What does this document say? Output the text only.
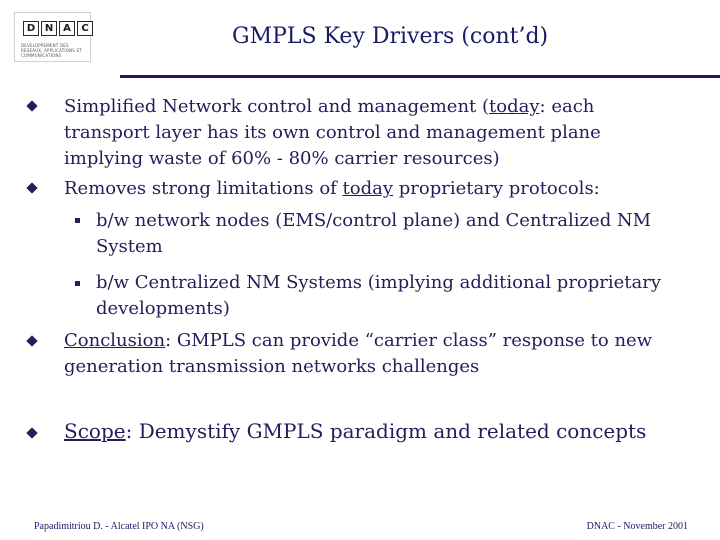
D N A	C
DEVELOPPEMENT DES RESEAUX, APPLICATIONS ET COMMUNICATIONS
GMPLS Key Drivers (cont’d)
Simplified Network control and management (today: each
transport layer has its own control and management plane
implying waste of 60% - 80% carrier resources)
Removes strong limitations of today proprietary protocols:
b/w network nodes (EMS/control plane) and Centralized NM
System
b/w Centralized NM Systems (implying additional proprietary
developments)
Conclusion: GMPLS can provide “carrier class” response to new
generation transmission networks challenges
Scope: Demystify GMPLS paradigm and related concepts
Papadimitriou D. - Alcatel IPO NA (NSG)	DNAC - November 2001
